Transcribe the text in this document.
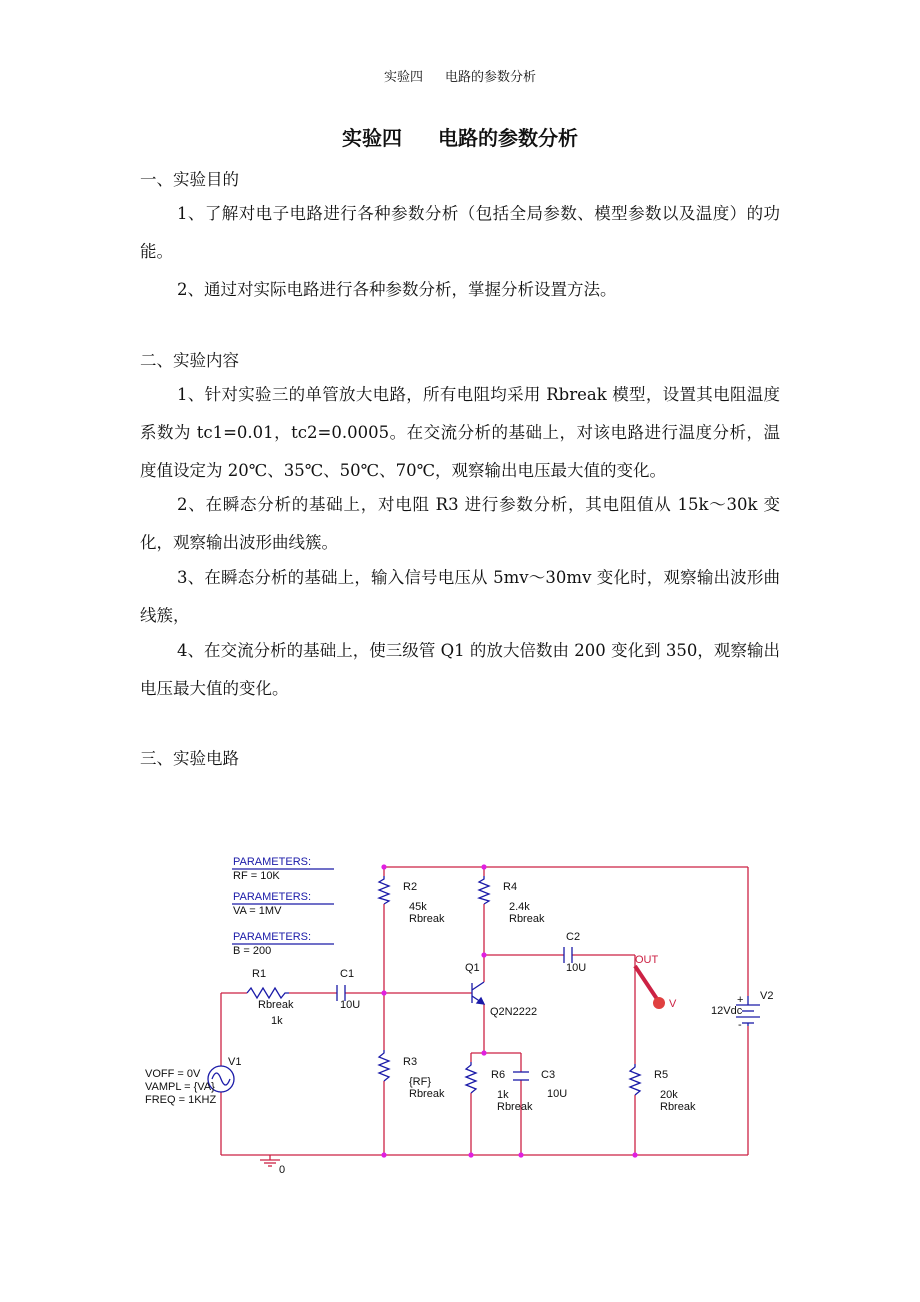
实验四 电路的参数分析
实验四 电路的参数分析

一、实验目的

1、了解对电子电路进行各种参数分析（包括全局参数、模型参数以及温度）的功能。

2、通过对实际电路进行各种参数分析，掌握分析设置方法。

二、实验内容

1、针对实验三的单管放大电路，所有电阻均采用 Rbreak 模型，设置其电阻温度系数为 tc1=0.01，tc2=0.0005。在交流分析的基础上，对该电路进行温度分析，温度值设定为 20℃、35℃、50℃、70℃，观察输出电压最大值的变化。

2、在瞬态分析的基础上，对电阻 R3 进行参数分析，其电阻值从 15k～30k 变化，观察输出波形曲线簇。

3、在瞬态分析的基础上，输入信号电压从 5mv～30mv 变化时，观察输出波形曲线簇，

4、在交流分析的基础上，使三级管 Q1 的放大倍数由 200 变化到 350，观察输出电压最大值的变化。

三、实验电路

PARAMETERS:
RF = 10K
PARAMETERS:
VA = 1MV
PARAMETERS:
B = 200
R1
Rbreak
1k
C1
10U
R2
45k
Rbreak
R3
{RF}
Rbreak
R4
2.4k
Rbreak
C2
10U
Q1
Q2N2222
R6
1k
Rbreak
C3
10U
R5
20k
Rbreak
OUT
V
V1
VOFF = 0V
VAMPL = {VA}
FREQ = 1KHZ
V2
12Vdc
+
-
0
